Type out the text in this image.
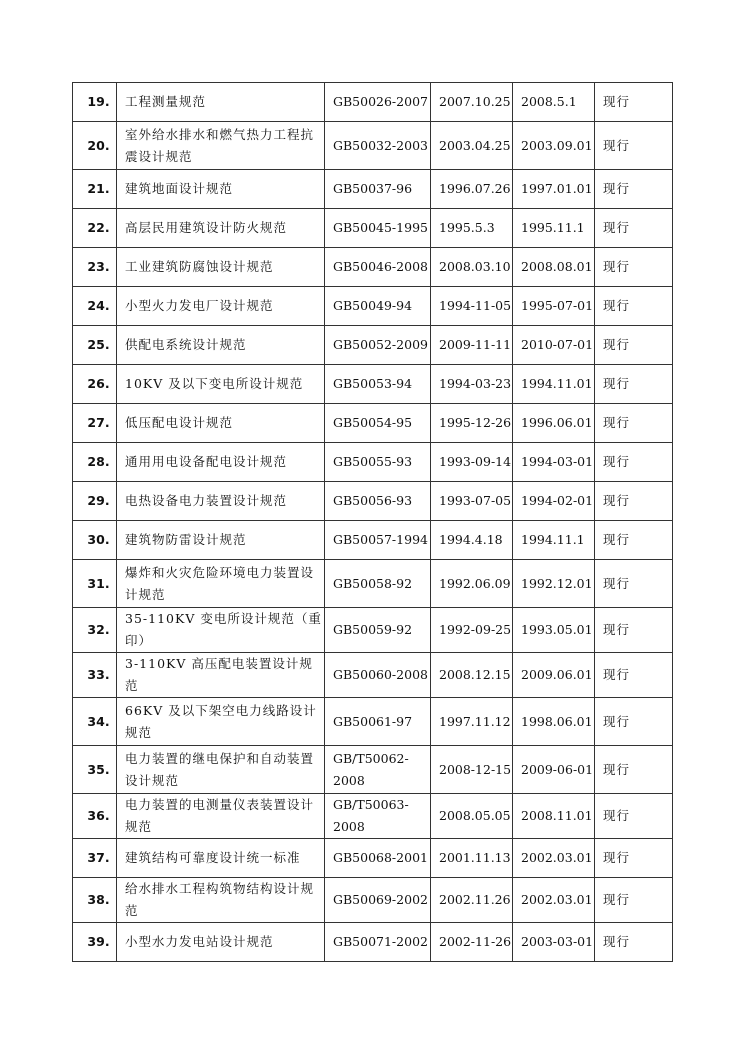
19.	工程测量规范	GB50026-2007	2007.10.25	2008.5.1	现行
20.	室外给水排水和燃气热力工程抗震设计规范	GB50032-2003	2003.04.25	2003.09.01	现行
21.	建筑地面设计规范	GB50037-96	1996.07.26	1997.01.01	现行
22.	高层民用建筑设计防火规范	GB50045-1995	1995.5.3	1995.11.1	现行
23.	工业建筑防腐蚀设计规范	GB50046-2008	2008.03.10	2008.08.01	现行
24.	小型火力发电厂设计规范	GB50049-94	1994-11-05	1995-07-01	现行
25.	供配电系统设计规范	GB50052-2009	2009-11-11	2010-07-01	现行
26.	10KV 及以下变电所设计规范	GB50053-94	1994-03-23	1994.11.01	现行
27.	低压配电设计规范	GB50054-95	1995-12-26	1996.06.01	现行
28.	通用用电设备配电设计规范	GB50055-93	1993-09-14	1994-03-01	现行
29.	电热设备电力装置设计规范	GB50056-93	1993-07-05	1994-02-01	现行
30.	建筑物防雷设计规范	GB50057-1994	1994.4.18	1994.11.1	现行
31.	爆炸和火灾危险环境电力装置设计规范	GB50058-92	1992.06.09	1992.12.01	现行
32.	35-110KV 变电所设计规范（重印）	GB50059-92	1992-09-25	1993.05.01	现行
33.	3-110KV 高压配电装置设计规范	GB50060-2008	2008.12.15	2009.06.01	现行
34.	66KV 及以下架空电力线路设计规范	GB50061-97	1997.11.12	1998.06.01	现行
35.	电力装置的继电保护和自动装置设计规范	GB/T50062-2008	2008-12-15	2009-06-01	现行
36.	电力装置的电测量仪表装置设计规范	GB/T50063-2008	2008.05.05	2008.11.01	现行
37.	建筑结构可靠度设计统一标准	GB50068-2001	2001.11.13	2002.03.01	现行
38.	给水排水工程构筑物结构设计规范	GB50069-2002	2002.11.26	2002.03.01	现行
39.	小型水力发电站设计规范	GB50071-2002	2002-11-26	2003-03-01	现行
